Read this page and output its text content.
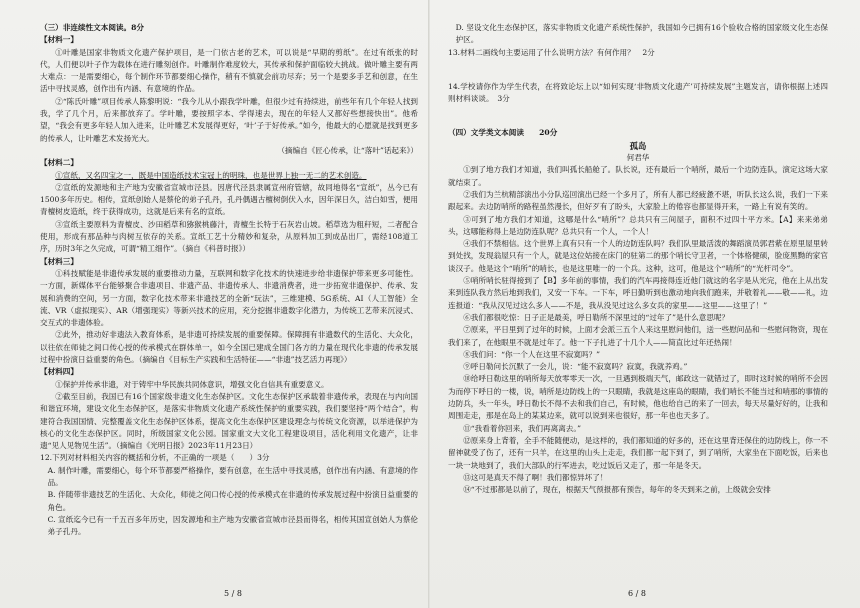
（三）非连续性文本阅读。8分

【材料一】

①叶雕是国家非物质文化遗产保护项目，是一门依古老的艺术，可以说是“早期的剪纸”。在过有纸张的时代，人们便以叶子作为载体在进行雕刻创作。叶雕制作难度较大，其传承和保护面临较大挑战。做叶雕主要有两大难点：一是需要细心，每个制作环节都要细心操作，稍有不慎就会前功尽弃；另一个是要多手艺和创意，在生活中寻找灵感，创作出有内涵、有意境的作品。

②“陈氏叶雕”项目传承人陈黎明说：“我今儿从小跟我学叶雕，但很少过有持续进，前些年有几个年轻人找到我，学了几个月，后来都放弃了。学叶雕，要按照字本、学得速去，现在的年轻人又都好些想接快出”。他希望，“我会有更多年轻人加入进来，让叶雕艺术发展得更好，‘叶’子于好传承。”如今，他最大的心愿就是找到更多的传承人，让叶雕艺术发扬光大。

（摘编自《匠心传承，让“落叶”话起来》）

【材料二】

①宣纸，又名四宝之一，既是中国造纸技术宝冠上的明珠，也是世界上独一无二的艺术创造。

②宣纸的发源地和主产地为安徽省宣城市泾县。因唐代泾县隶属宣州府管辖，故同地得名“宣纸”，丛今已有1500多年历史。相传，宣纸创始人是蔡伦的弟子孔丹，孔丹偶遇古檀树倒伏入水，因年深日久，洁白如雪，便用青檀树皮造纸，终于获得成功，这就是后来有名的宣纸。

③宣纸主要原料为青檀皮、沙田稻草和猕猴桃藤汁，青檀生长特于石灰岩山坡。稻草选为粗秆短，二者配合使用，形成有那品种与肉树互依存的关系。宣纸工艺十分精妙和复杂，从原料加工到成品出厂，需经108道工序，历时3年之久完成，可谓“精工细作”。（摘自《科普时报》）

【材料三】

①科技赋能是非遗传承发展的重要推动力量，互联网和数字化技术的快速进步给非遗保护带来更多可能性。一方面，新媒体平台能够聚合非遗项目、非遗产品、非遗传承人、非遗消费者，进一步拓宽非遗保护、传承、发展和消费的空间，另一方面，数字化技术带来非遗技艺的全新“玩法”，三维建模、5G系统、AI（人工智能）全流、VR（虚拟现实）、AR（增强现实）等新兴技术的应用，充分挖掘非遗数字化潜力，为传统工艺带来沉浸式、交互式的非遗体验。

②此外，推动好非遗法入教育体系，是非遗可持续发展的重要保障。保障拥有非遗数代的生活化、大众化，以往依在师徒之间口传心授的传承模式在群体单一，如今全国已建成全国门各方的力量在现代化非遗的传承发展过程中扮演日益重要的角色。（摘编自《目标生产实践和生活特征——“非遗”技艺活力再现》）

【材料四】

①保护并传承非遗，对于铸牢中华民族共同体意识，增强文化自信具有重要意义。

②截至目前，我国已有16个国家级非遗文化生态保护区。文化生态保护区承载着非遗传承，表现在与内向国和谐宜环境，建设文化生态保护区，是落实非物质文化遗产系统性保护的重要实践，我们要坚持“两个结合”，构建符合我国国情、完整覆盖文化生态保护区体系，提高文化生态保护区建设理念与传统文化资源，以举进保护为核心的文化生态保护区。同时，所级国家文化公园。国家重文大文化工程建设项目，活化利用文化遗产，让非遗“见人见物见生活”。（摘编自《光明日报》2023年11月23日）

12.下列对材料相关内容的概括和分析，不正确的一项是（　　）3分

A. 制作叶雕，需要细心，每个环节都要严格操作，要有创意，在生活中寻找灵感，创作出有内涵、有意境的作品。

B. 伴随带非遗技艺的生活化、大众化，师徒之间口传心授的传承模式在非遗的传承发展过程中扮演日益重要的角色。

C. 宣纸迄今已有一千五百多年历史，因发源地和主产地为安徽省宣城市泾县而得名，相传其国宣创始人为蔡伦弟子孔丹。

5 / 8

D. 坚设文化生态保护区，落实非物质文化遗产系统性保护，我国如今已拥有16个验收合格的国家级文化生态保护区。

13.材料二画线句主要运用了什么说明方法？有何作用？　2分

14.学校请你作为学生代表，在将致论坛上以“如何实现‘非物质文化遗产’可持续发展”主题发言，请你根据上述四则材料谈谈。　3分

（四）文学类文本阅读　　20分

孤岛

何君华

①到了地方我们才知道，我们叫孤长船舱了。队长说，还有最后一个哨所，最后一个边防连队，演定这场大家就结束了。

②我们为兰杭精部演出小分队巡回演出已经一个多月了，所有人都已经疲惫不堪，听队长这么说，我们一下来跟起来。去边防哨所的路程虽然漫长，但好歹有了盼头，大家脸上的倦容也都显得开来，一路上有说有笑的。

③可到了地方我们才知道，这哪是什么“哨所”？总共只有三间屋子，面积不过四十平方米。【A】来来弟弟头，这哪能称得上是边防连队呢？总共只有一个人，一个人！

④我们不禁相信。这个世界上真有只有一个人的边防连队吗？我们队里最活泼的舞蹈演员郭君紫在原里屋里转到处找，发现翁屋只有一个人，就是这位姑接在床门的驻第二的那个哨长守卫者，一个体格健硕，脸庞黑黝的家官谈汉子。他是这个“哨所”的哨长，也是这里唯一的一个兵。这种，这可，他是这个“哨所”的“光杆司令”。

⑤哨所哨长驻得接到了【B】多年前的事情，我们的汽车再接得连近他门就这的名字是从光完，他在上从出发来到连队我方然后地到我们，又安一下车。一下车，呼日勤听到也激动地向我们跑来，并敬着礼——敬——礼，边连报道：“我从汉见过这么多人——不是，我从没见过这么多女兵的家里——这里——这里了！”

⑥我们都很吃惊：日子正是最美，呼日勒所不深里过的“过年了”是什么意思呢？

⑦原来，平日里到了过年的时候，上面才会派三五个人来这里慰问他们，送一些慰问品和一些慰问物资，现在我们来了，在他眼里不就是过年了。他一下子扎进了十几个人——简直比过年还热闹！

⑧我们问：“你一个人在这里不寂寞吗？”

⑨呼日勒问长沉默了一会儿，说：“能不寂寞吗？寂寞，我就养鸡。”

⑩给呼日勒这里的哨所每天放零零天一次，一旦遇到极端天气，邮政这一就错过了，即时这时候的哨所不会因为而停下呼日的一楼，说，哨所是边防线上的一只眼睛，我就是这座岛的眼睛，我们哨长不能当过和哨那的事情的边防兵，头一年头，呼日勒长不得不去和我们自己，有时候，他也给自己的来了一回去，每天尽量好好的，让我和周围走走，那是在岛上的某某边来，就可以说到来也很好，那一年也也天多了。

⑪“我看着你回来，我们再离离去。”

⑫原来身上背着，全手不能随便动，是这样的，我们都知道的好多的，还在这里背还保住的边防线上，你一不留神就受了伤了，还有一只羊，在这里的山头上走走，我们都一起下到了，到了哨所，大家坐在下面吃饭，后来也一块一块地到了，我们大部队的行军进去，吃过饭后又走了，那一年是冬天。

⑬这可是真天不得了啊！我们都惊异坏了！

⑭“不过那都是以前了，现在，根据天气预报都有预告，每年的冬天到来之前，上级就会安排

6 / 8
